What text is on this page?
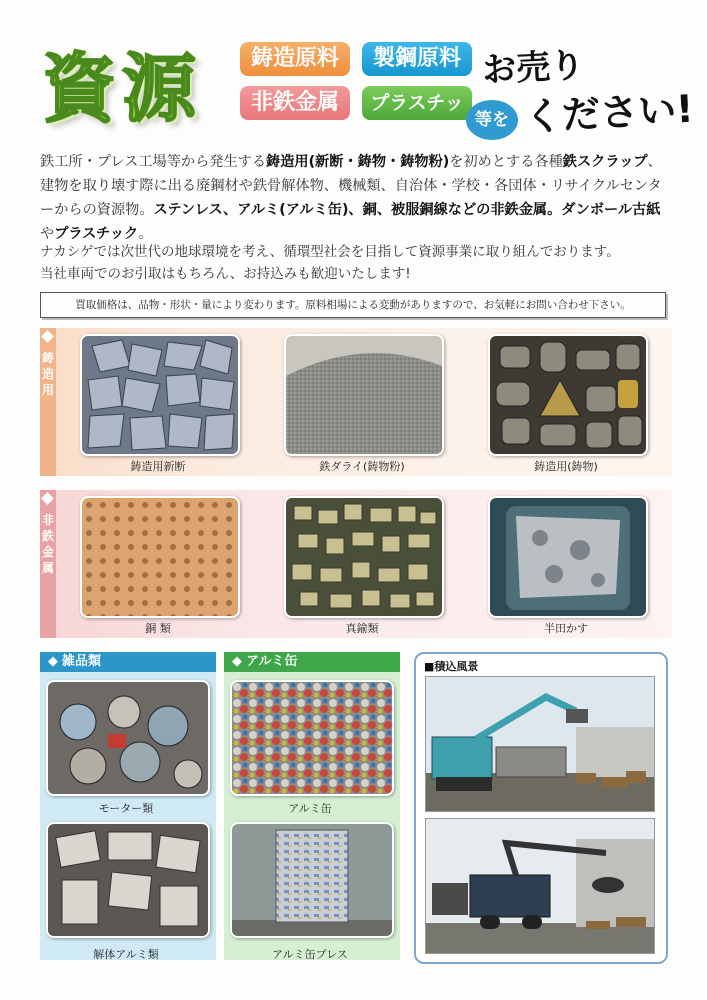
資源	鋳造原料	製鋼原料
非鉄金属	プラスチック
等を
お売り
ください!
鉄工所・プレス工場等から発生する鋳造用(新断・鋳物・鋳物粉)を初めとする各種鉄スクラップ、建物を取り壊す際に出る廃鋼材や鉄骨解体物、機械類、自治体・学校・各団体・リサイクルセンターからの資源物。ステンレス、アルミ(アルミ缶)、銅、被服銅線などの非鉄金属。ダンボール古紙やプラスチック。
ナカシゲでは次世代の地球環境を考え、循環型社会を目指して資源事業に取り組んでおります。
当社車両でのお引取はもちろん、お持込みも歓迎いたします!
買取価格は、品物・形状・量により変わります。原料相場による変動がありますので、お気軽にお問い合わせ下さい。
鋳造用
鋳造用新断	鉄ダライ(鋳物粉)	鋳造用(鋳物)
非鉄金属
銅 類	真鍮類	半田かす
◆ 雑品類
モーター類
解体アルミ類
◆ アルミ缶
アルミ缶
アルミ缶プレス
■積込風景
